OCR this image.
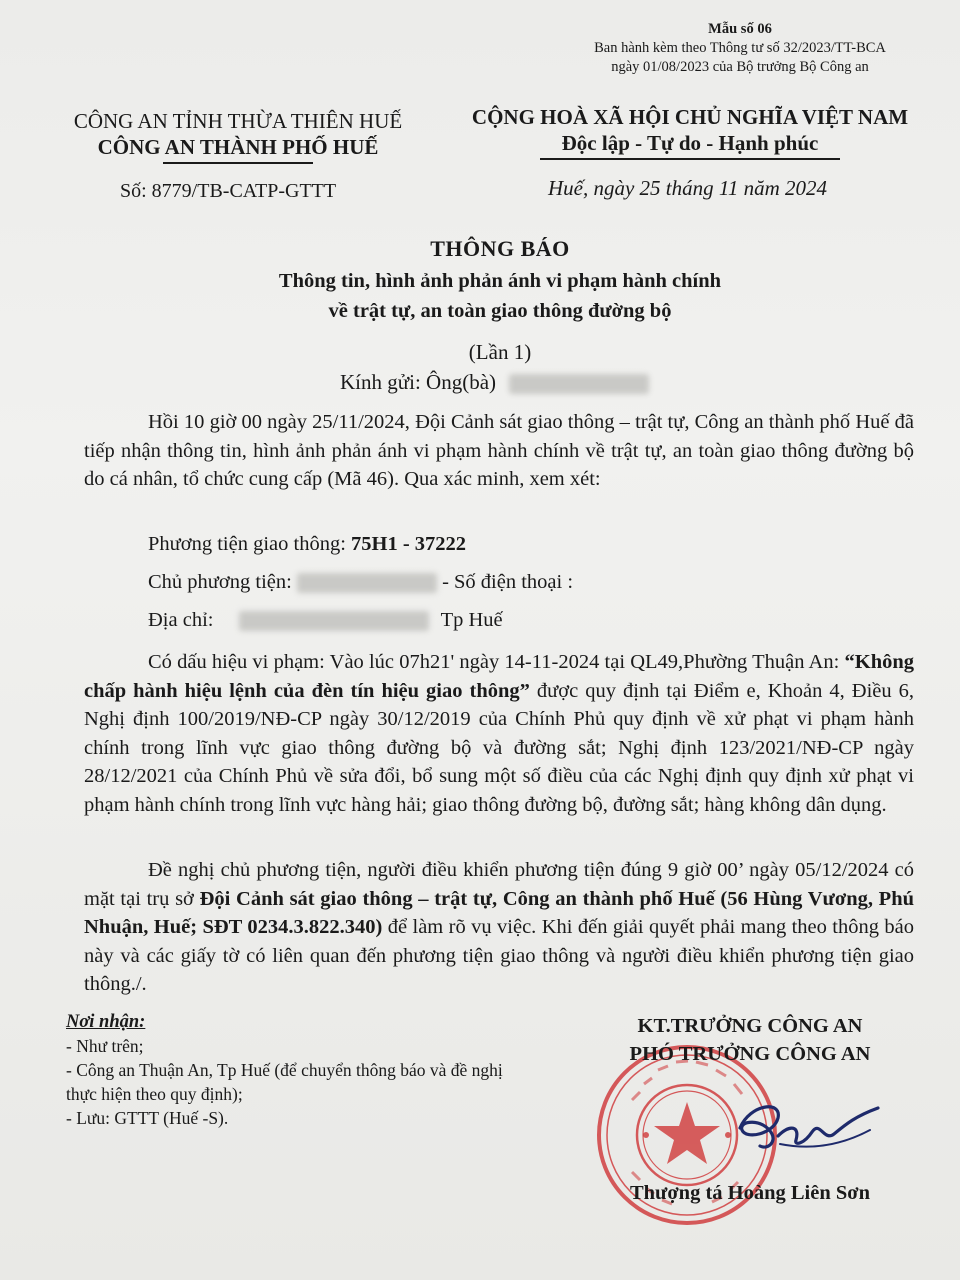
Mẫu số 06
Ban hành kèm theo Thông tư số 32/2023/TT-BCA
ngày 01/08/2023 của Bộ trưởng Bộ Công an
CÔNG AN TỈNH THỪA THIÊN HUẾ
CÔNG AN THÀNH PHỐ HUẾ
CỘNG HOÀ XÃ HỘI CHỦ NGHĨA VIỆT NAM
Độc lập - Tự do - Hạnh phúc
Số: 8779/TB-CATP-GTTT	Huế, ngày 25 tháng 11 năm 2024
THÔNG BÁO
Thông tin, hình ảnh phản ánh vi phạm hành chính
về trật tự, an toàn giao thông đường bộ
(Lần 1)
Kính gửi: Ông(bà)
Hồi 10 giờ 00 ngày 25/11/2024, Đội Cảnh sát giao thông – trật tự, Công an thành phố Huế đã tiếp nhận thông tin, hình ảnh phản ánh vi phạm hành chính về trật tự, an toàn giao thông đường bộ do cá nhân, tổ chức cung cấp (Mã 46). Qua xác minh, xem xét:
Phương tiện giao thông: 75H1 - 37222
Chủ phương tiện:	- Số điện thoại :
Địa chỉ:	Tp Huế
Có dấu hiệu vi phạm: Vào lúc 07h21' ngày 14-11-2024 tại QL49,Phường Thuận An: “Không chấp hành hiệu lệnh của đèn tín hiệu giao thông” được quy định tại Điểm e, Khoản 4, Điều 6, Nghị định 100/2019/NĐ-CP ngày 30/12/2019 của Chính Phủ quy định về xử phạt vi phạm hành chính trong lĩnh vực giao thông đường bộ và đường sắt; Nghị định 123/2021/NĐ-CP ngày 28/12/2021 của Chính Phủ về sửa đổi, bổ sung một số điều của các Nghị định quy định xử phạt vi phạm hành chính trong lĩnh vực hàng hải; giao thông đường bộ, đường sắt; hàng không dân dụng.
Đề nghị chủ phương tiện, người điều khiển phương tiện đúng 9 giờ 00’ ngày 05/12/2024 có mặt tại trụ sở Đội Cảnh sát giao thông – trật tự, Công an thành phố Huế (56 Hùng Vương, Phú Nhuận, Huế; SĐT 0234.3.822.340) để làm rõ vụ việc. Khi đến giải quyết phải mang theo thông báo này và các giấy tờ có liên quan đến phương tiện giao thông và người điều khiển phương tiện giao thông./.
Nơi nhận:
- Như trên;
- Công an Thuận An, Tp Huế (để chuyển thông báo và đề nghị thực hiện theo quy định);
- Lưu: GTTT (Huế -S).
KT.TRƯỞNG CÔNG AN
PHÓ TRƯỞNG CÔNG AN
Thượng tá Hoàng Liên Sơn
